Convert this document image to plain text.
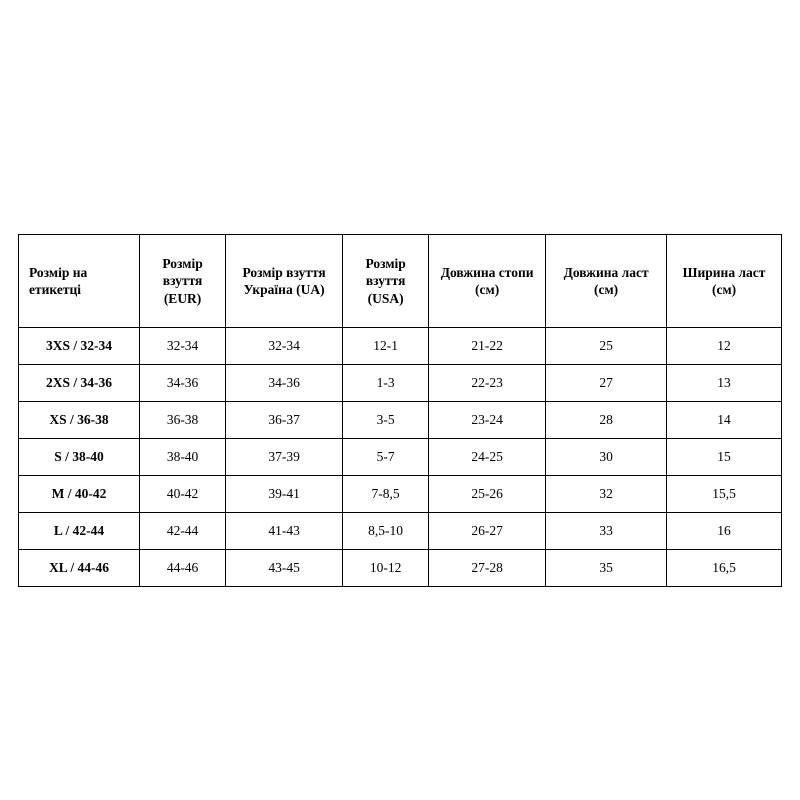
Розмір на етикетці	Розмір взуття (EUR)	Розмір взуття Україна (UA)	Розмір взуття (USA)	Довжина стопи (см)	Довжина ласт (см)	Ширина ласт (см)
3XS / 32-34	32-34	32-34	12-1	21-22	25	12
2XS / 34-36	34-36	34-36	1-3	22-23	27	13
XS / 36-38	36-38	36-37	3-5	23-24	28	14
S / 38-40	38-40	37-39	5-7	24-25	30	15
M / 40-42	40-42	39-41	7-8,5	25-26	32	15,5
L / 42-44	42-44	41-43	8,5-10	26-27	33	16
XL / 44-46	44-46	43-45	10-12	27-28	35	16,5
